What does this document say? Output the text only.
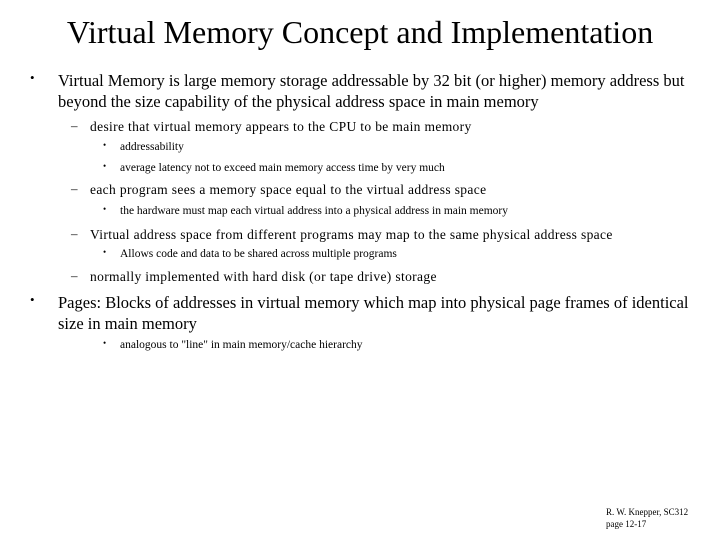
Virtual Memory Concept and Implementation
• Virtual Memory is large memory storage addressable by 32 bit (or higher) memory address but beyond the size capability of the physical address space in main memory
– desire that virtual memory appears to the CPU to be main memory
• addressability
• average latency not to exceed main memory access time by very much
– each program sees a memory space equal to the virtual address space
• the hardware must map each virtual address into a physical address in main memory
– Virtual address space from different programs may map to the same physical address space
• Allows code and data to be shared across multiple programs
– normally implemented with hard disk (or tape drive) storage
• Pages: Blocks of addresses in virtual memory which map into physical page frames of identical size in main memory
• analogous to "line" in main memory/cache hierarchy
R. W. Knepper, SC312
page 12-17
